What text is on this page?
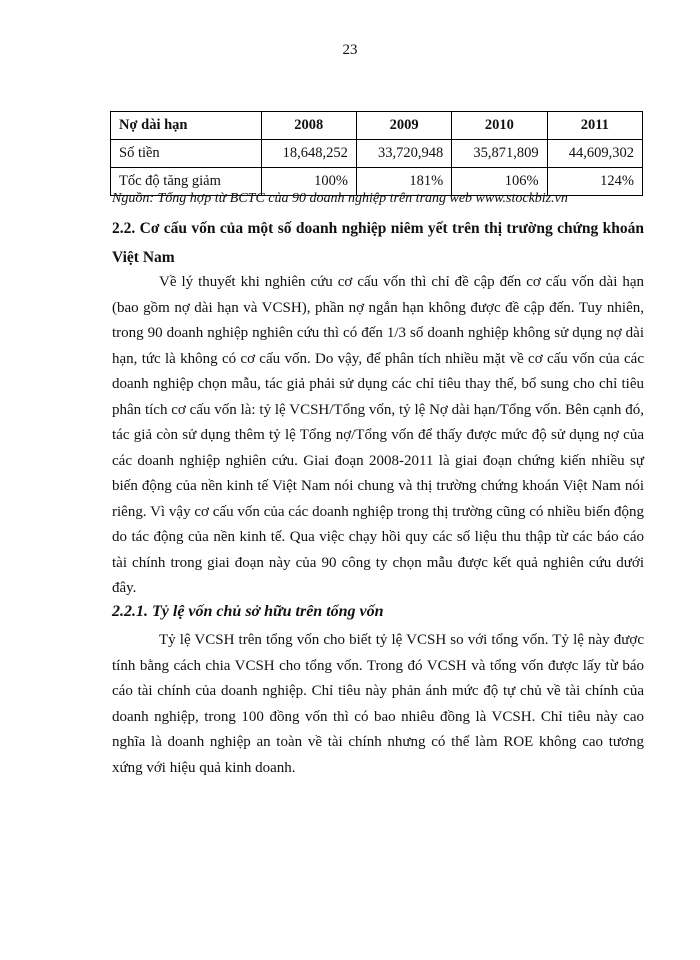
23
Nợ dài hạn	2008	2009	2010	2011
Số tiền	18,648,252	33,720,948	35,871,809	44,609,302
Tốc độ tăng giảm	100%	181%	106%	124%
Nguồn: Tổng hợp từ BCTC của 90 doanh nghiệp trên trang web www.stockbiz.vn
2.2. Cơ cấu vốn của một số doanh nghiệp niêm yết trên thị trường chứng khoán Việt Nam

Về lý thuyết khi nghiên cứu cơ cấu vốn thì chỉ đề cập đến cơ cấu vốn dài hạn (bao gồm nợ dài hạn và VCSH), phần nợ ngắn hạn không được đề cập đến. Tuy nhiên, trong 90 doanh nghiệp nghiên cứu thì có đến 1/3 số doanh nghiệp không sử dụng nợ dài hạn, tức là không có cơ cấu vốn. Do vậy, để phân tích nhiều mặt về cơ cấu vốn của các doanh nghiệp chọn mẫu, tác giả phải sử dụng các chỉ tiêu thay thế, bổ sung cho chỉ tiêu phân tích cơ cấu vốn là: tỷ lệ VCSH/Tổng vốn, tỷ lệ Nợ dài hạn/Tổng vốn. Bên cạnh đó, tác giả còn sử dụng thêm tỷ lệ Tổng nợ/Tổng vốn để thấy được mức độ sử dụng nợ của các doanh nghiệp nghiên cứu. Giai đoạn 2008-2011 là giai đoạn chứng kiến nhiều sự biến động của nền kinh tế Việt Nam nói chung và thị trường chứng khoán Việt Nam nói riêng. Vì vậy cơ cấu vốn của các doanh nghiệp trong thị trường cũng có nhiều biến động do tác động của nền kinh tế. Qua việc chạy hồi quy các số liệu thu thập từ các báo cáo tài chính trong giai đoạn này của 90 công ty chọn mẫu được kết quả nghiên cứu dưới đây.

2.2.1. Tỷ lệ vốn chủ sở hữu trên tổng vốn

Tỷ lệ VCSH trên tổng vốn cho biết tỷ lệ VCSH so với tổng vốn. Tỷ lệ này được tính bằng cách chia VCSH cho tổng vốn. Trong đó VCSH và tổng vốn được lấy từ báo cáo tài chính của doanh nghiệp. Chỉ tiêu này phản ánh mức độ tự chủ về tài chính của doanh nghiệp, trong 100 đồng vốn thì có bao nhiêu đồng là VCSH. Chỉ tiêu này cao nghĩa là doanh nghiệp an toàn về tài chính nhưng có thể làm ROE không cao tương xứng với hiệu quả kinh doanh.
